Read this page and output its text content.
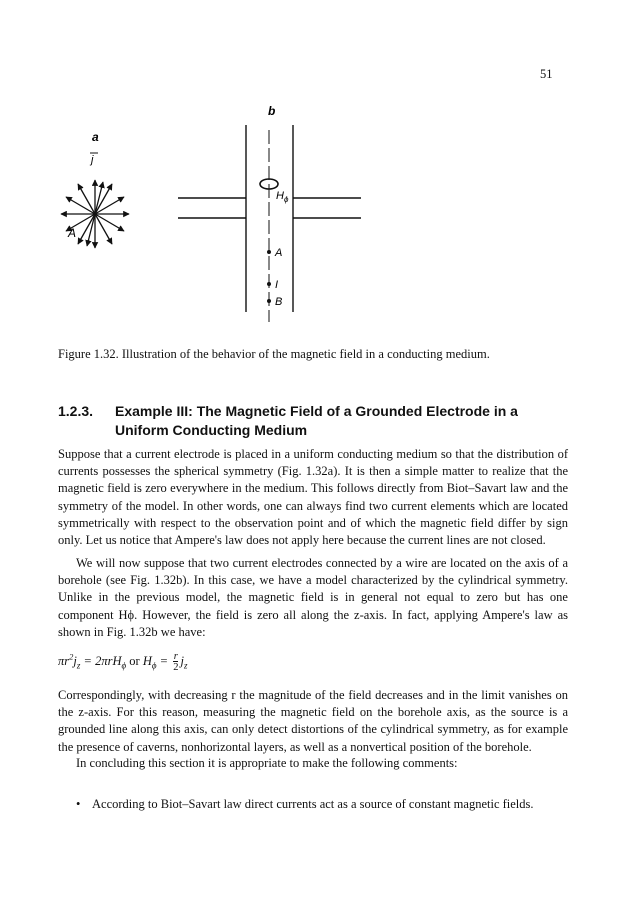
51
a
j
A
b
$H_\phi$
A
I
B
Figure 1.32. Illustration of the behavior of the magnetic field in a conducting medium.
1.2.3. Example III: The Magnetic Field of a Grounded Electrode in a
Uniform Conducting Medium
Suppose that a current electrode is placed in a uniform conducting medium so that the distribution of currents possesses the spherical symmetry (Fig. 1.32a). It is then a simple matter to realize that the magnetic field is zero everywhere in the medium. This follows directly from Biot–Savart law and the symmetry of the model. In other words, one can always find two current elements which are located symmetrically with respect to the observation point and of which the magnetic field differ by sign only. Let us notice that Ampere's law does not apply here because the current lines are not closed.
We will now suppose that two current electrodes connected by a wire are located on the axis of a borehole (see Fig. 1.32b). In this case, we have a model characterized by the cylindrical symmetry. Unlike in the previous model, the magnetic field is in general not equal to zero but has one component Hϕ. However, the field is zero all along the z-axis. In fact, applying Ampere's law as shown in Fig. 1.32b we have:
$\pi r^2j_z = 2\pi rH_\phi$ or $H_\phi = \frac{r}{2} j_z$
Correspondingly, with decreasing r the magnitude of the field decreases and in the limit vanishes on the z-axis. For this reason, measuring the magnetic field on the borehole axis, as the source is a grounded line along this axis, can only detect distortions of the cylindrical symmetry, as for example the presence of caverns, nonhorizontal layers, as well as a nonvertical position of the borehole.
In concluding this section it is appropriate to make the following comments:
• According to Biot–Savart law direct currents act as a source of constant magnetic fields.
